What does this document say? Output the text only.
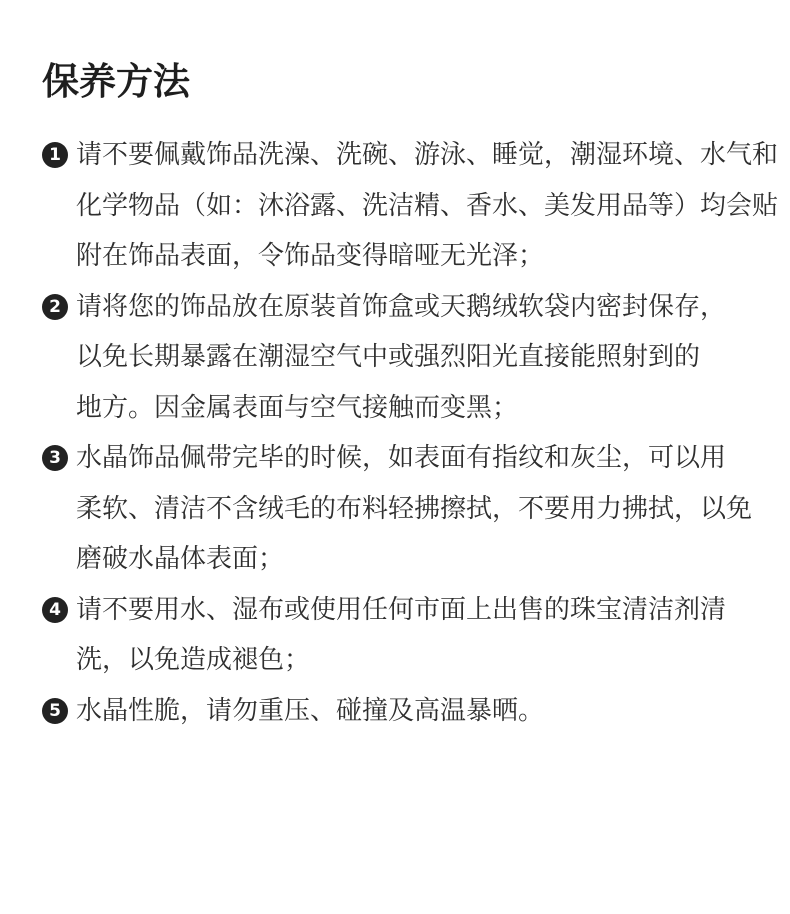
保养方法
1 请不要佩戴饰品洗澡、洗碗、游泳、睡觉，潮湿环境、水气和
化学物品（如：沐浴露、洗洁精、香水、美发用品等）均会贴
附在饰品表面，令饰品变得暗哑无光泽；
2 请将您的饰品放在原装首饰盒或天鹅绒软袋内密封保存，
以免长期暴露在潮湿空气中或强烈阳光直接能照射到的
地方。因金属表面与空气接触而变黑；
3 水晶饰品佩带完毕的时候，如表面有指纹和灰尘，可以用
柔软、清洁不含绒毛的布料轻拂擦拭，不要用力拂拭，以免
磨破水晶体表面；
4 请不要用水、湿布或使用任何市面上出售的珠宝清洁剂清
洗，以免造成褪色；
5 水晶性脆，请勿重压、碰撞及高温暴晒。
